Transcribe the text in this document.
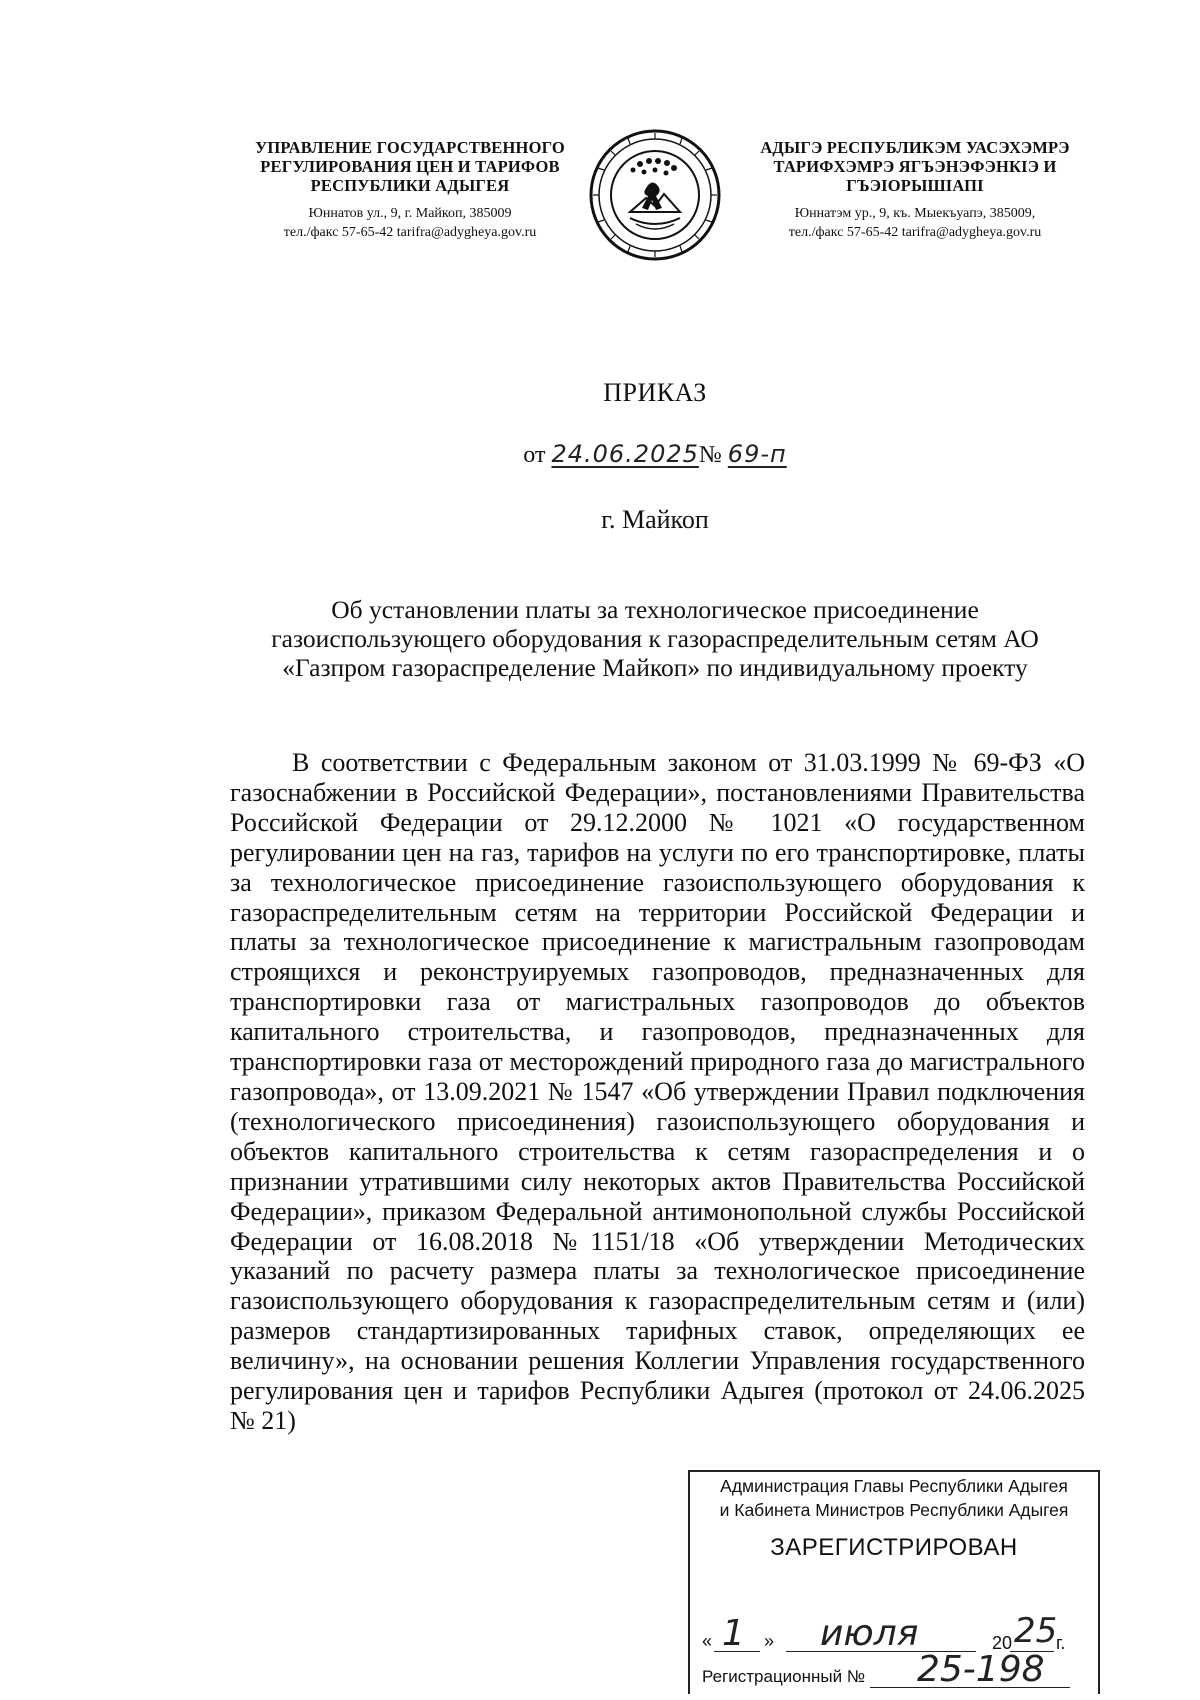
УПРАВЛЕНИЕ ГОСУДАРСТВЕННОГО РЕГУЛИРОВАНИЯ ЦЕН И ТАРИФОВ РЕСПУБЛИКИ АДЫГЕЯ
Юннатов ул., 9, г. Майкоп, 385009
тел./факс 57-65-42 tarifra@adygheya.gov.ru
АДЫГЭ РЕСПУБЛИКЭМ УАСЭХЭМРЭ ТАРИФХЭМРЭ ЯГЪЭНЭФЭНКIЭ И ГЪЭIОРЫШIАПI
Юннатэм ур., 9, къ. Мыекъуапэ, 385009,
тел./факс 57-65-42 tarifra@adygheya.gov.ru
ПРИКАЗ
от 24.06.2025№ 69-п
г. Майкоп
Об установлении платы за технологическое присоединение газоиспользующего оборудования к газораспределительным сетям АО «Газпром газораспределение Майкоп» по индивидуальному проекту
В соответствии с Федеральным законом от 31.03.1999 № 69-ФЗ «О газоснабжении в Российской Федерации», постановлениями Правительства Российской Федерации от 29.12.2000 № 1021 «О государственном регулировании цен на газ, тарифов на услуги по его транспортировке, платы за технологическое присоединение газоиспользующего оборудования к газораспределительным сетям на территории Российской Федерации и платы за технологическое присоединение к магистральным газопроводам строящихся и реконструируемых газопроводов, предназначенных для транспортировки газа от магистральных газопроводов до объектов капитального строительства, и газопроводов, предназначенных для транспортировки газа от месторождений природного газа до магистрального газопровода», от 13.09.2021 № 1547 «Об утверждении Правил подключения (технологического присоединения) газоиспользующего оборудования и объектов капитального строительства к сетям газораспределения и о признании утратившими силу некоторых актов Правительства Российской Федерации», приказом Федеральной антимонопольной службы Российской Федерации от 16.08.2018 №1151/18 «Об утверждении Методических указаний по расчету размера платы за технологическое присоединение газоиспользующего оборудования к газораспределительным сетям и (или) размеров стандартизированных тарифных ставок, определяющих ее величину», на основании решения Коллегии Управления государственного регулирования цен и тарифов Республики Адыгея (протокол от 24.06.2025 № 21)
Администрация Главы Республики Адыгея
и Кабинета Министров Республики Адыгея
ЗАРЕГИСТРИРОВАН
« 1 » июля	20 25
г.
Регистрационный № 25-198
